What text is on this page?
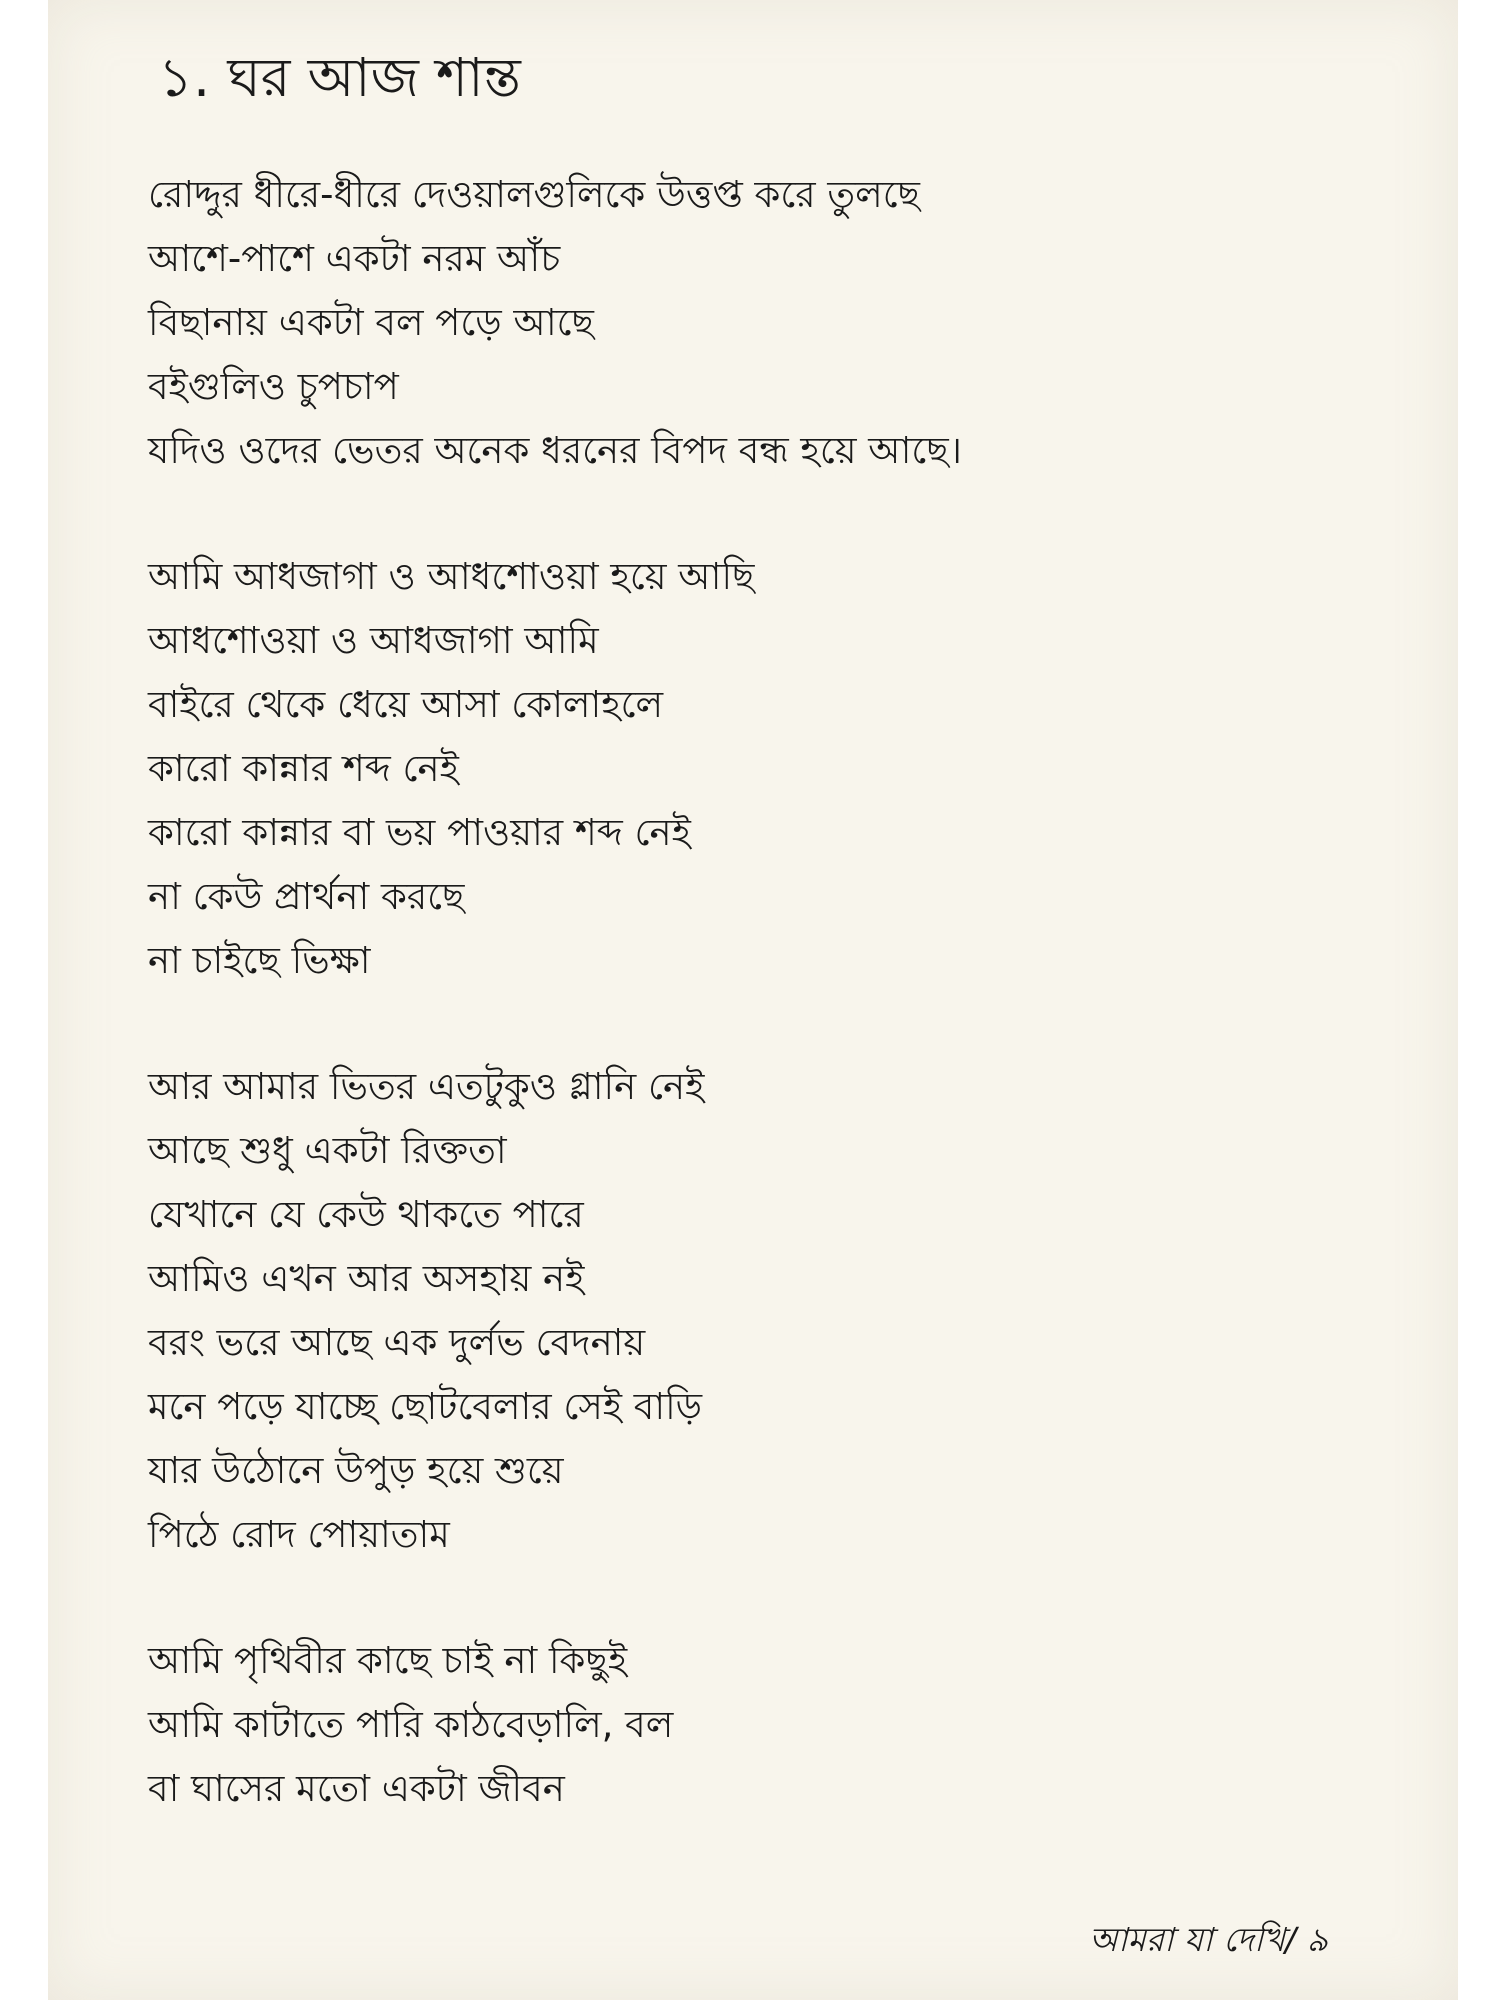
১. ঘর আজ শান্ত
রোদ্দুর ধীরে-ধীরে দেওয়ালগুলিকে উত্তপ্ত করে তুলছে
আশে-পাশে একটা নরম আঁচ
বিছানায় একটা বল পড়ে আছে
বইগুলিও চুপচাপ
যদিও ওদের ভেতর অনেক ধরনের বিপদ বন্ধ হয়ে আছে।
আমি আধজাগা ও আধশোওয়া হয়ে আছি
আধশোওয়া ও আধজাগা আমি
বাইরে থেকে ধেয়ে আসা কোলাহলে
কারো কান্নার শব্দ নেই
কারো কান্নার বা ভয় পাওয়ার শব্দ নেই
না কেউ প্রার্থনা করছে
না চাইছে ভিক্ষা
আর আমার ভিতর এতটুকুও গ্লানি নেই
আছে শুধু একটা রিক্ততা
যেখানে যে কেউ থাকতে পারে
আমিও এখন আর অসহায় নই
বরং ভরে আছে এক দুর্লভ বেদনায়
মনে পড়ে যাচ্ছে ছোটবেলার সেই বাড়ি
যার উঠোনে উপুড় হয়ে শুয়ে
পিঠে রোদ পোয়াতাম
আমি পৃথিবীর কাছে চাই না কিছুই
আমি কাটাতে পারি কাঠবেড়ালি, বল
বা ঘাসের মতো একটা জীবন
আমরা যা দেখি/ ৯
